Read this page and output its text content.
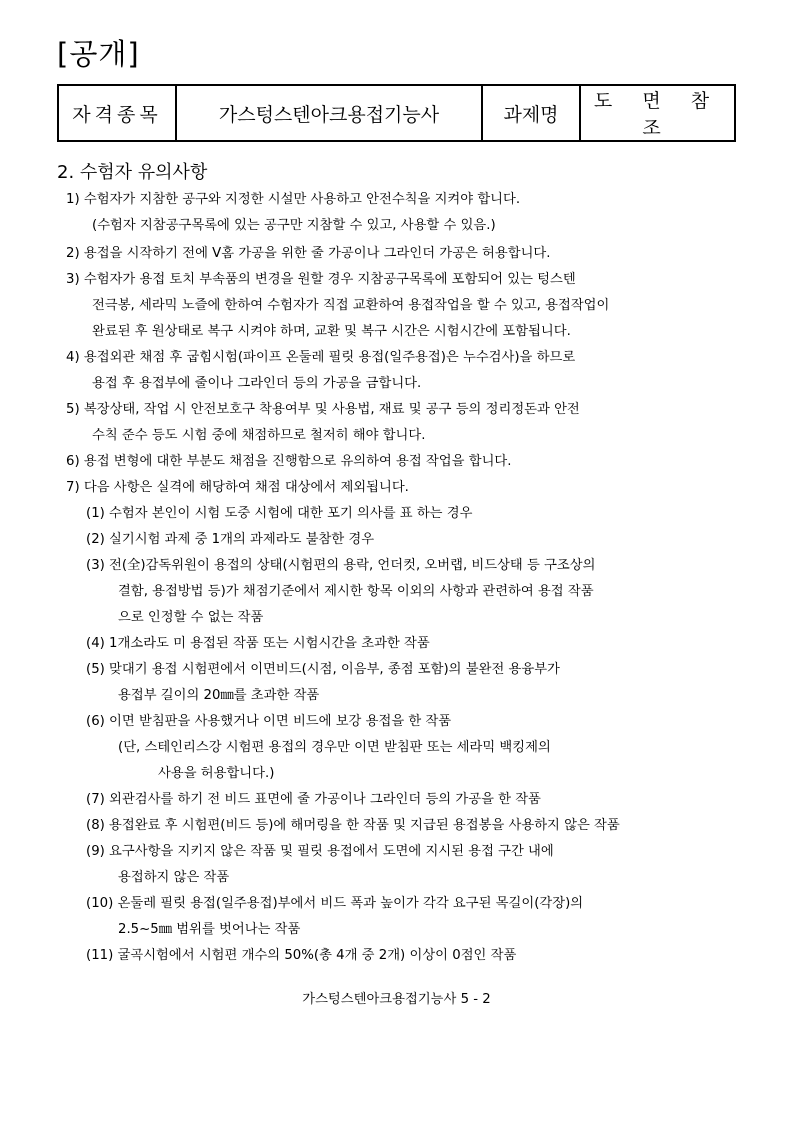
[공개]
자격종목	가스텅스텐아크용접기능사	과제명	도 면 참 조
2. 수험자 유의사항
1) 수험자가 지참한 공구와 지정한 시설만 사용하고 안전수칙을 지켜야 합니다.
(수험자 지참공구목록에 있는 공구만 지참할 수 있고, 사용할 수 있음.)
2) 용접을 시작하기 전에 V홈 가공을 위한 줄 가공이나 그라인더 가공은 허용합니다.
3) 수험자가 용접 토치 부속품의 변경을 원할 경우 지참공구목록에 포함되어 있는 텅스텐
전극봉, 세라믹 노즐에 한하여 수험자가 직접 교환하여 용접작업을 할 수 있고, 용접작업이
완료된 후 원상태로 복구 시켜야 하며, 교환 및 복구 시간은 시험시간에 포함됩니다.
4) 용접외관 채점 후 굽힘시험(파이프 온둘레 필릿 용접(일주용접)은 누수검사)을 하므로
용접 후 용접부에 줄이나 그라인더 등의 가공을 금합니다.
5) 복장상태, 작업 시 안전보호구 착용여부 및 사용법, 재료 및 공구 등의 정리정돈과 안전
수칙 준수 등도 시험 중에 채점하므로 철저히 해야 합니다.
6) 용접 변형에 대한 부분도 채점을 진행함으로 유의하여 용접 작업을 합니다.
7) 다음 사항은 실격에 해당하여 채점 대상에서 제외됩니다.
(1) 수험자 본인이 시험 도중 시험에 대한 포기 의사를 표 하는 경우
(2) 실기시험 과제 중 1개의 과제라도 불참한 경우
(3) 전(全)감독위원이 용접의 상태(시험편의 용락, 언더컷, 오버랩, 비드상태 등 구조상의
결함, 용접방법 등)가 채점기준에서 제시한 항목 이외의 사항과 관련하여 용접 작품
으로 인정할 수 없는 작품
(4) 1개소라도 미 용접된 작품 또는 시험시간을 초과한 작품
(5) 맞대기 용접 시험편에서 이면비드(시점, 이음부, 종점 포함)의 불완전 용융부가
용접부 길이의 20㎜를 초과한 작품
(6) 이면 받침판을 사용했거나 이면 비드에 보강 용접을 한 작품
(단, 스테인리스강 시험편 용접의 경우만 이면 받침판 또는 세라믹 백킹제의
사용을 허용합니다.)
(7) 외관검사를 하기 전 비드 표면에 줄 가공이나 그라인더 등의 가공을 한 작품
(8) 용접완료 후 시험편(비드 등)에 해머링을 한 작품 및 지급된 용접봉을 사용하지 않은 작품
(9) 요구사항을 지키지 않은 작품 및 필릿 용접에서 도면에 지시된 용접 구간 내에
용접하지 않은 작품
(10) 온둘레 필릿 용접(일주용접)부에서 비드 폭과 높이가 각각 요구된 목길이(각장)의
2.5~5㎜ 범위를 벗어나는 작품
(11) 굴곡시험에서 시험편 개수의 50%(총 4개 중 2개) 이상이 0점인 작품
가스텅스텐아크용접기능사 5 - 2
